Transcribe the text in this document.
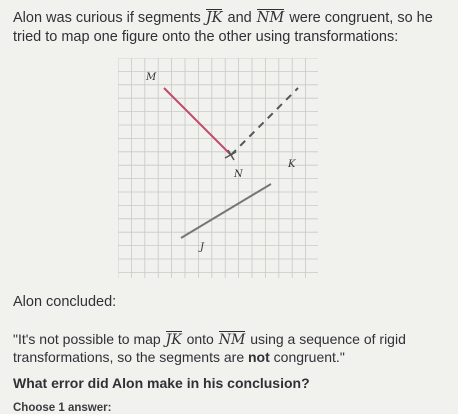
Alon was curious if segments JK and NM were congruent, so he tried to map one figure onto the other using transformations:
M
N
K
J
Alon concluded:
"It's not possible to map JK onto NM using a sequence of rigid transformations, so the segments are not congruent."
What error did Alon make in his conclusion?
Choose 1 answer:
